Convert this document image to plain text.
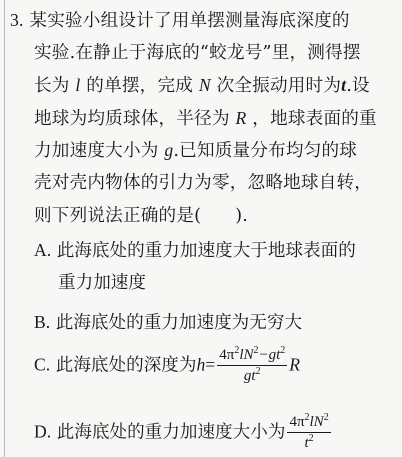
3. 某实验小组设计了用单摆测量海底深度的
实验.在静止于海底的“蛟龙号”里，测得摆
长为 l 的单摆，完成 N 次全振动用时为t.设
地球为均质球体，半径为 R ，地球表面的重
力加速度大小为 g.已知质量分布均匀的球
壳对壳内物体的引力为零，忽略地球自转，
则下列说法正确的是( ).
A. 此海底处的重力加速度大于地球表面的
重力加速度
B. 此海底处的重力加速度为无穷大
C. 此海底处的深度为$h= \frac{4\pi^2lN^2-gt^2}{gt^2}$ R
D. 此海底处的重力加速度大小为 $\frac{4\pi^2lN^2}{t^2}$
